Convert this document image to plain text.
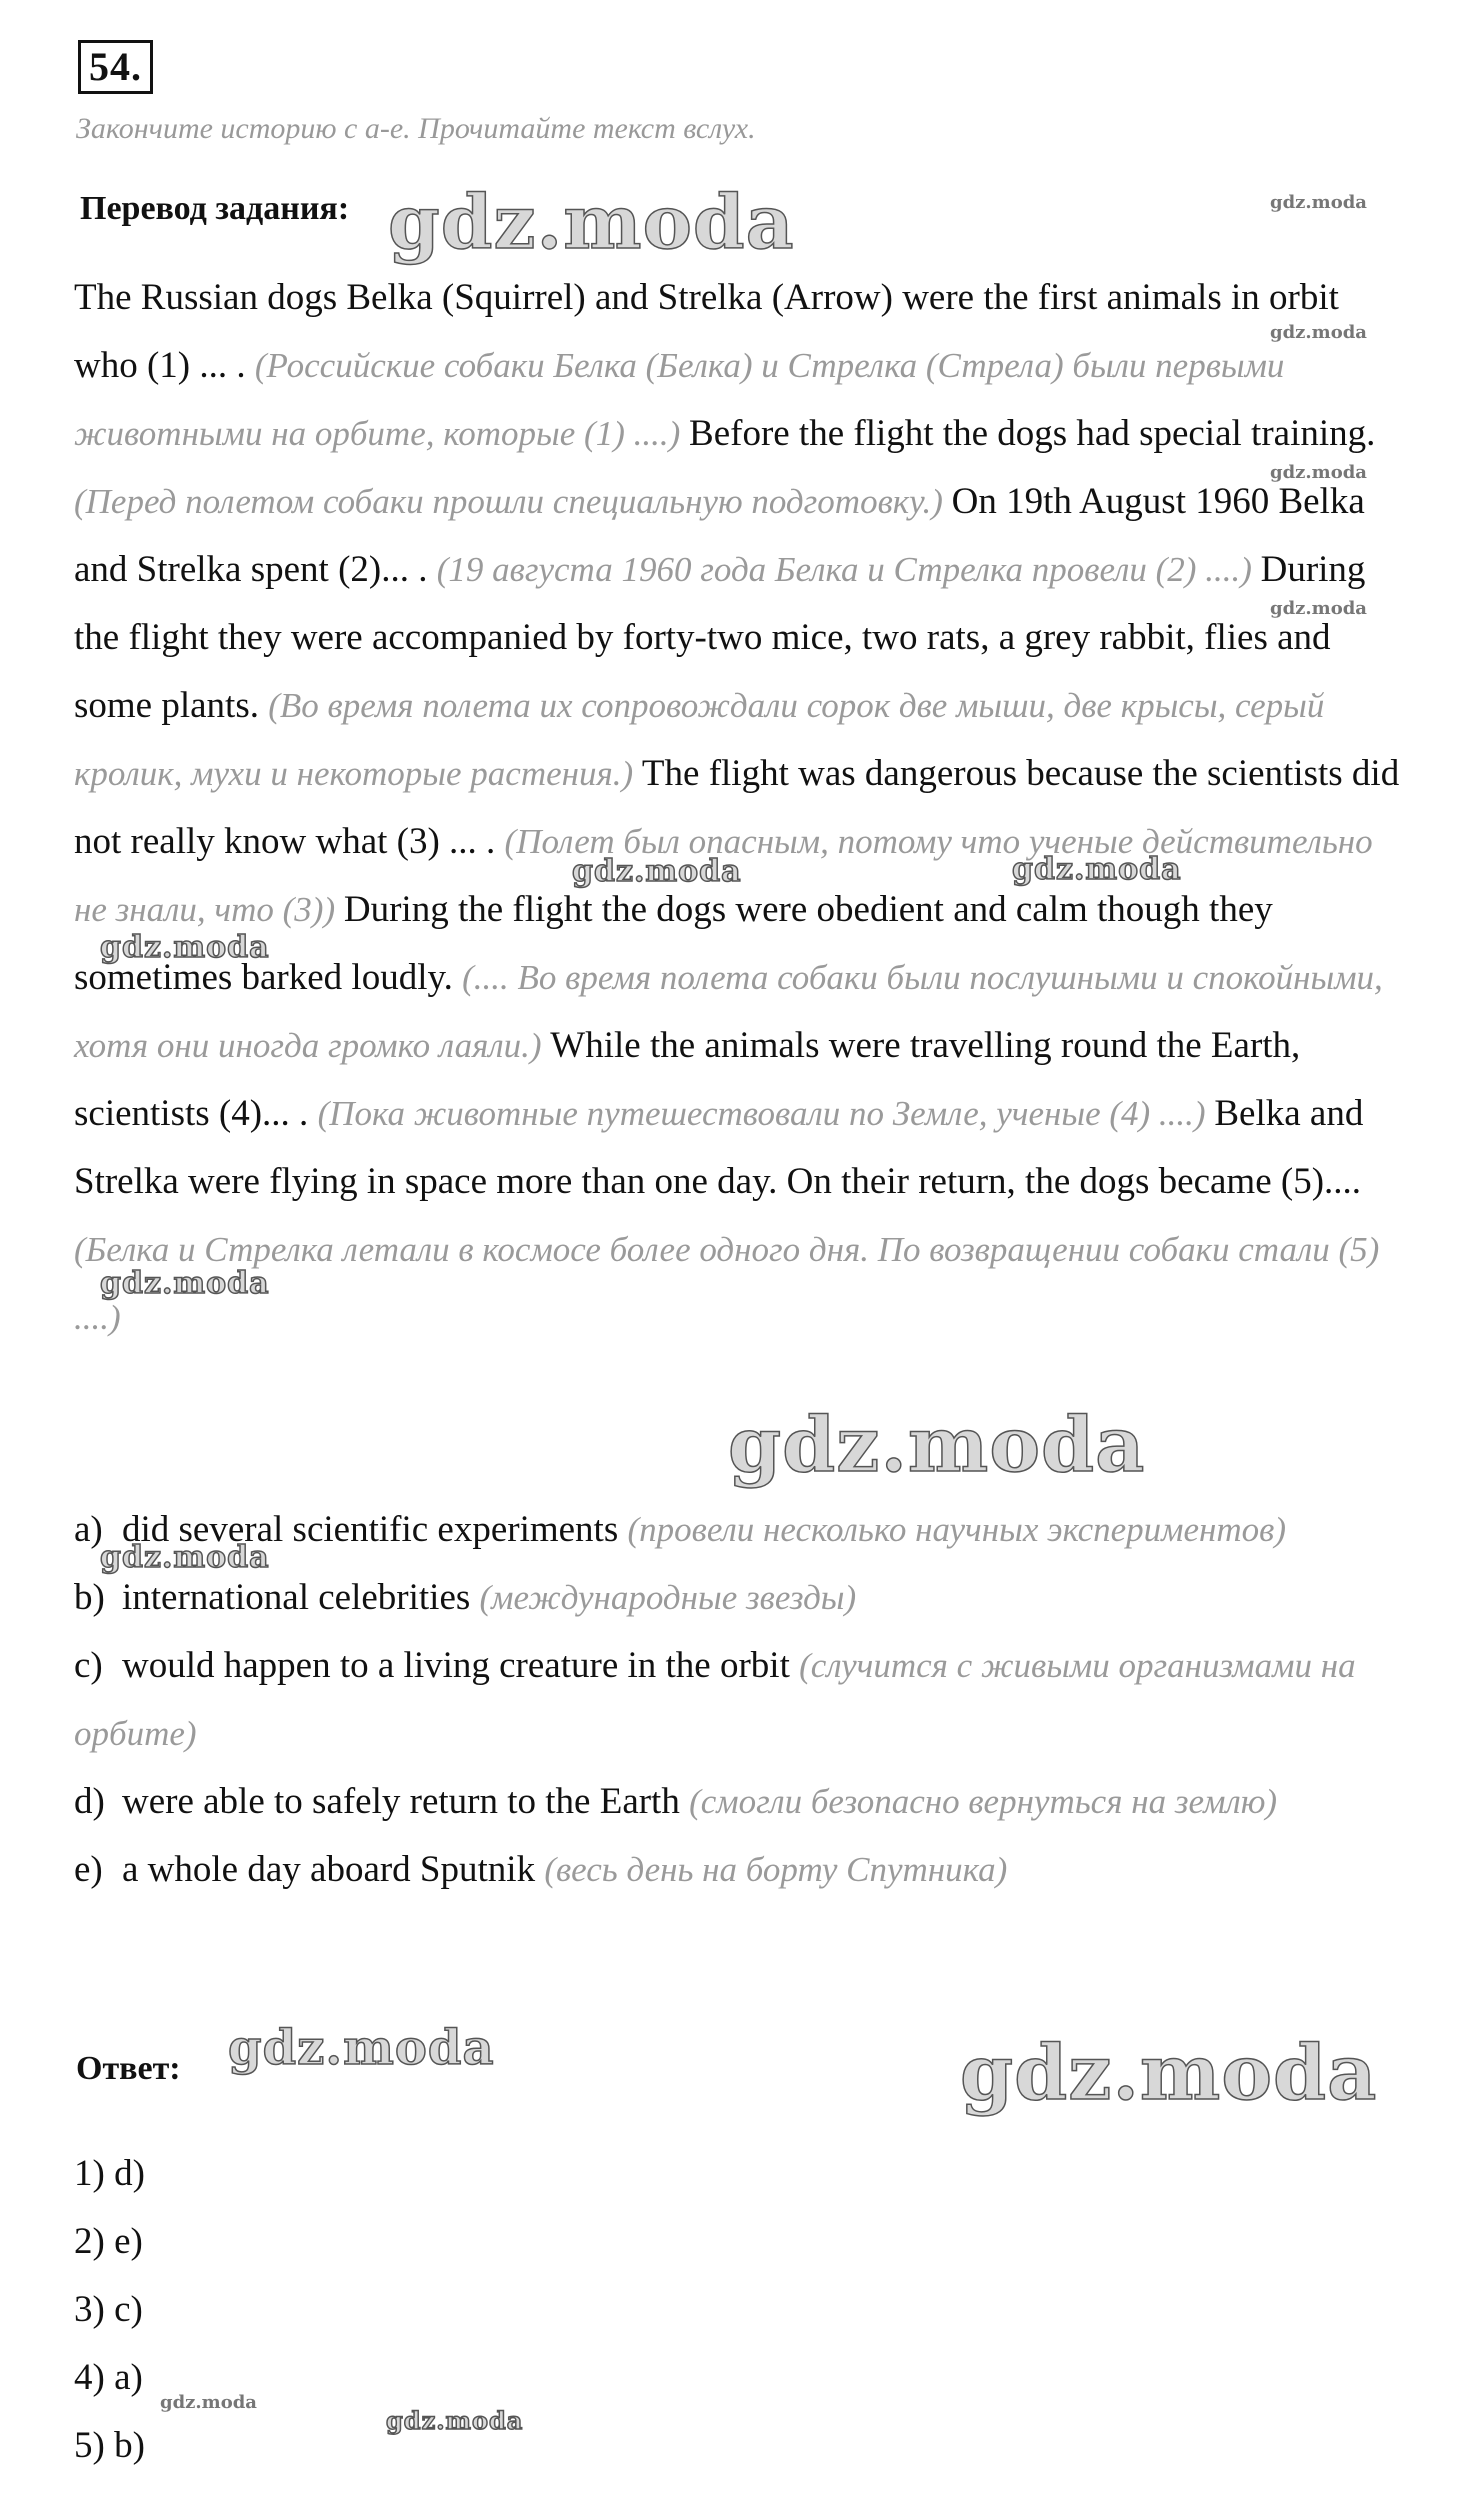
54.
Закончите историю с a-e. Прочитайте текст вслух.
Перевод задания:
The Russian dogs Belka (Squirrel) and Strelka (Arrow) were the first animals in orbit who (1) ... . (Российские собаки Белка (Белка) и Стрелка (Стрела) были первыми животными на орбите, которые (1) ....) Before the flight the dogs had special training. (Перед полетом собаки прошли специальную подготовку.) On 19th August 1960 Belka and Strelka spent (2)... . (19 августа 1960 года Белка и Стрелка провели (2) ....) During the flight they were accompanied by forty-two mice, two rats, a grey rabbit, flies and some plants. (Во время полета их сопровождали сорок две мыши, две крысы, серый кролик, мухи и некоторые растения.) The flight was dangerous because the scientists did not really know what (3) ... . (Полет был опасным, потому что ученые действительно не знали, что (3)) During the flight the dogs were obedient and calm though they sometimes barked loudly. (.... Во время полета собаки были послушными и спокойными, хотя они иногда громко лаяли.) While the animals were travelling round the Earth, scientists (4)... . (Пока животные путешествовали по Земле, ученые (4) ....) Belka and Strelka were flying in space more than one day. On their return, the dogs became (5).... (Белка и Стрелка летали в космосе более одного дня. По возвращении собаки стали (5) ....)
a) did several scientific experiments (провели несколько научных экспериментов)
b) international celebrities (международные звезды)
c) would happen to a living creature in the orbit (случится с живыми организмами на орбите)
d) were able to safely return to the Earth (смогли безопасно вернуться на землю)
e) a whole day aboard Sputnik (весь день на борту Спутника)
Ответ:
1) d)
2) e)
3) c)
4) a)
5) b)
gdz.moda
gdz.moda
gdz.moda
gdz.moda
gdz.moda	gdz.moda
gdz.moda
gdz.moda
gdz.moda
gdz.moda
gdz.moda
gdz.moda
gdz.moda
gdz.moda
gdz.moda
